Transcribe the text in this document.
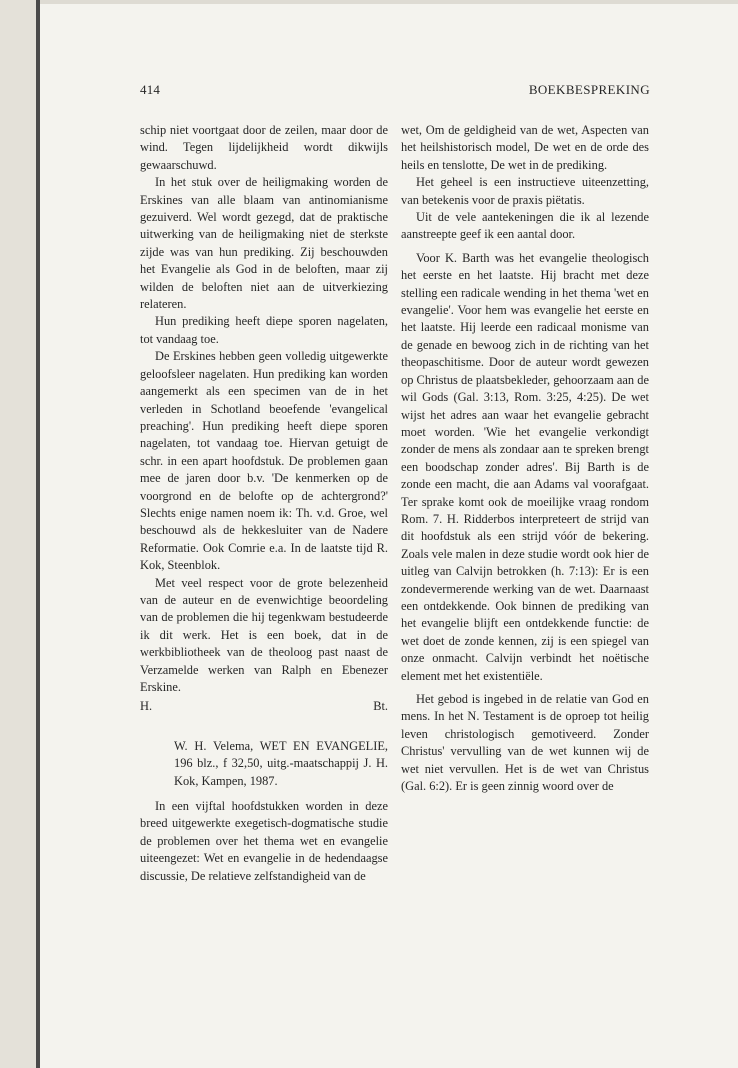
414	BOEKBESPREKING

schip niet voortgaat door de zeilen, maar door de wind. Tegen lijdelijkheid wordt dikwijls gewaarschuwd.

In het stuk over de heiligmaking worden de Erskines van alle blaam van antinomianisme gezuiverd. Wel wordt gezegd, dat de praktische uitwerking van de heiligmaking niet de sterkste zijde was van hun prediking. Zij beschouwden het Evangelie als God in de beloften, maar zij wilden de beloften niet aan de uitverkiezing relateren.

Hun prediking heeft diepe sporen nagelaten, tot vandaag toe.

De Erskines hebben geen volledig uitgewerkte geloofsleer nagelaten. Hun prediking kan worden aangemerkt als een specimen van de in het verleden in Schotland beoefende 'evangelical preaching'. Hun prediking heeft diepe sporen nagelaten, tot vandaag toe. Hiervan getuigt de schr. in een apart hoofdstuk. De problemen gaan mee de jaren door b.v. 'De kenmerken op de voorgrond en de belofte op de achtergrond?' Slechts enige namen noem ik: Th. v.d. Groe, wel beschouwd als de hekkesluiter van de Nadere Reformatie. Ook Comrie e.a. In de laatste tijd R. Kok, Steenblok.

Met veel respect voor de grote belezenheid van de auteur en de evenwichtige beoordeling van de problemen die hij tegenkwam bestudeerde ik dit werk. Het is een boek, dat in de werkbibliotheek van de theoloog past naast de Verzamelde werken van Ralph en Ebenezer Erskine.

H.	Bt.

W. H. Velema, WET EN EVANGELIE, 196 blz., f 32,50, uitg.-maatschappij J. H. Kok, Kampen, 1987.

In een vijftal hoofdstukken worden in deze breed uitgewerkte exegetisch-dogmatische studie de problemen over het thema wet en evangelie uiteengezet: Wet en evangelie in de hedendaagse discussie, De relatieve zelfstandigheid van de

wet, Om de geldigheid van de wet, Aspecten van het heilshistorisch model, De wet en de orde des heils en tenslotte, De wet in de prediking.

Het geheel is een instructieve uiteenzetting, van betekenis voor de praxis piëtatis.

Uit de vele aantekeningen die ik al lezende aanstreepte geef ik een aantal door.

Voor K. Barth was het evangelie theologisch het eerste en het laatste. Hij bracht met deze stelling een radicale wending in het thema 'wet en evangelie'. Voor hem was evangelie het eerste en het laatste. Hij leerde een radicaal monisme van de genade en bewoog zich in de richting van het theopaschitisme. Door de auteur wordt gewezen op Christus de plaatsbekleder, gehoorzaam aan de wil Gods (Gal. 3:13, Rom. 3:25, 4:25). De wet wijst het adres aan waar het evangelie gebracht moet worden. 'Wie het evangelie verkondigt zonder de mens als zondaar aan te spreken brengt een boodschap zonder adres'. Bij Barth is de zonde een macht, die aan Adams val voorafgaat. Ter sprake komt ook de moeilijke vraag rondom Rom. 7. H. Ridderbos interpreteert de strijd van dit hoofdstuk als een strijd vóór de bekering. Zoals vele malen in deze studie wordt ook hier de uitleg van Calvijn betrokken (h. 7:13): Er is een zondevermerende werking van de wet. Daarnaast een ontdekkende. Ook binnen de prediking van het evangelie blijft een ontdekkende functie: de wet doet de zonde kennen, zij is een spiegel van onze onmacht. Calvijn verbindt het noëtische element met het existentiële.

Het gebod is ingebed in de relatie van God en mens. In het N. Testament is de oproep tot heilig leven christologisch gemotiveerd. Zonder Christus' vervulling van de wet kunnen wij de wet niet vervullen. Het is de wet van Christus (Gal. 6:2). Er is geen zinnig woord over de
